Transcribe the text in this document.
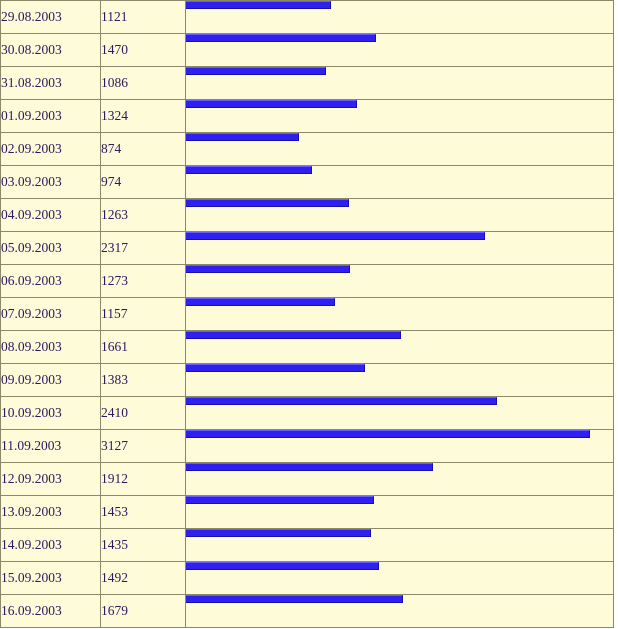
29.08.2003	1121	

30.08.2003	1470	

31.08.2003	1086	

01.09.2003	1324	

02.09.2003	874	

03.09.2003	974	

04.09.2003	1263	

05.09.2003	2317	

06.09.2003	1273	

07.09.2003	1157	

08.09.2003	1661	

09.09.2003	1383	

10.09.2003	2410	

11.09.2003	3127	

12.09.2003	1912	

13.09.2003	1453	

14.09.2003	1435	

15.09.2003	1492	

16.09.2003	1679	
